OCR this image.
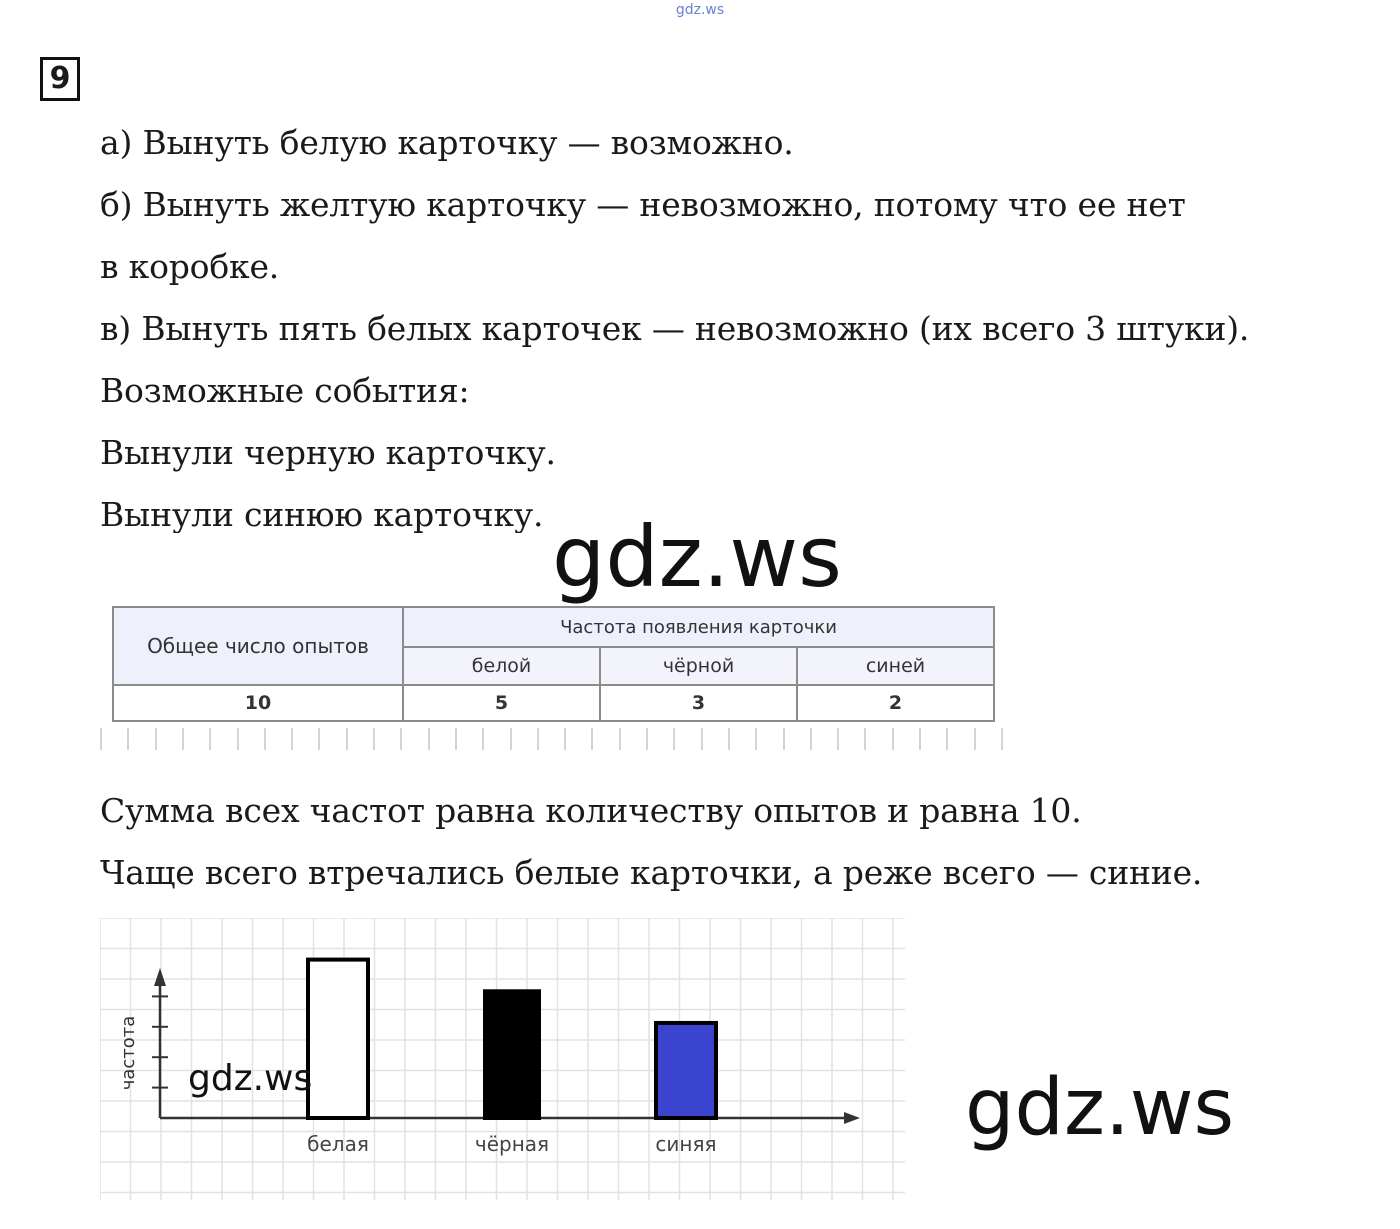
gdz.ws
9
а) Вынуть белую карточку — возможно.
б) Вынуть желтую карточку — невозможно, потому что ее нет
в коробке.
в) Вынуть пять белых карточек — невозможно (их всего 3 штуки).
Возможные события:
Вынули черную карточку.
Вынули синюю карточку. gdz.ws
Общее число опытов	Частота появления карточки		
	белой	чёрной	синей
10	5	3	2
Сумма всех частот равна количеству опытов и равна 10.
Чаще всего втречались белые карточки, а реже всего — синие.
частота
белая	чёрная	синяя
gdz.ws	gdz.ws
